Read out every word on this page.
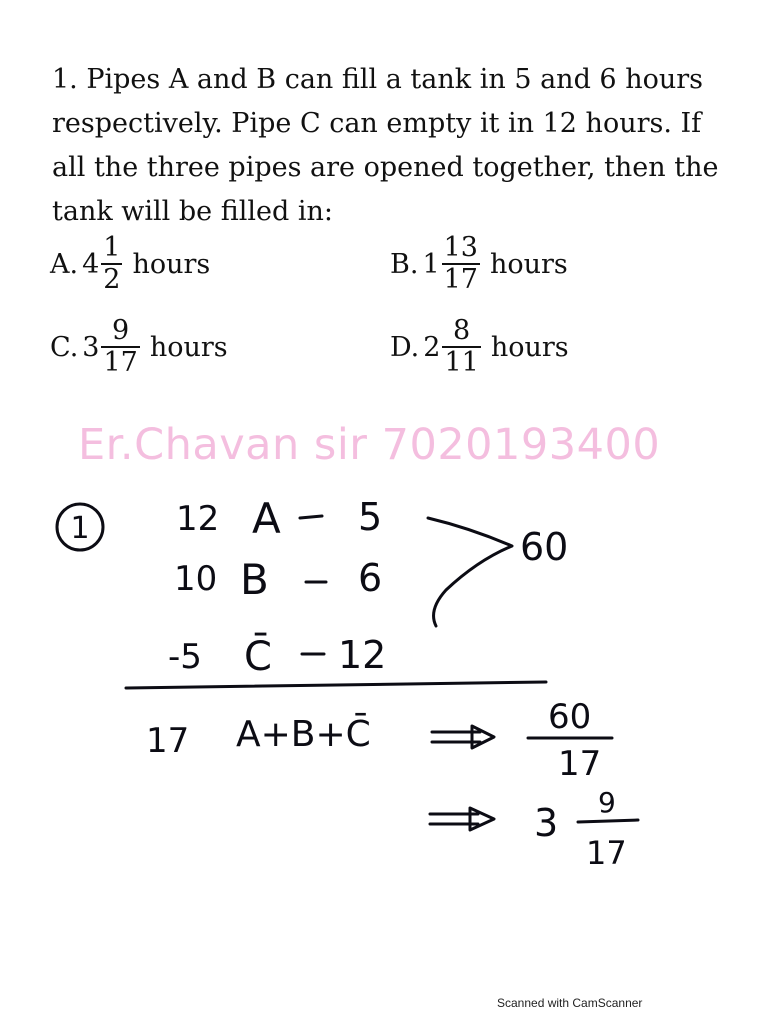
1. Pipes A and B can fill a tank in 5 and 6 hours respectively. Pipe C can empty it in 12 hours. If all the three pipes are opened together, then the tank will be filled in:

A. $4 \frac{1}{2}$ hours	B. $1 \frac{13}{17}$ hours
C. $3 \frac{9}{17}$ hours	D. $2 \frac{8}{11}$ hours
Er.Chavan sir 7020193400
1	12 A 5
10 B 6
-5 C̄ 12
60
17 A+B+C̄	60
17
3 9
17
Scanned with CamScanner
